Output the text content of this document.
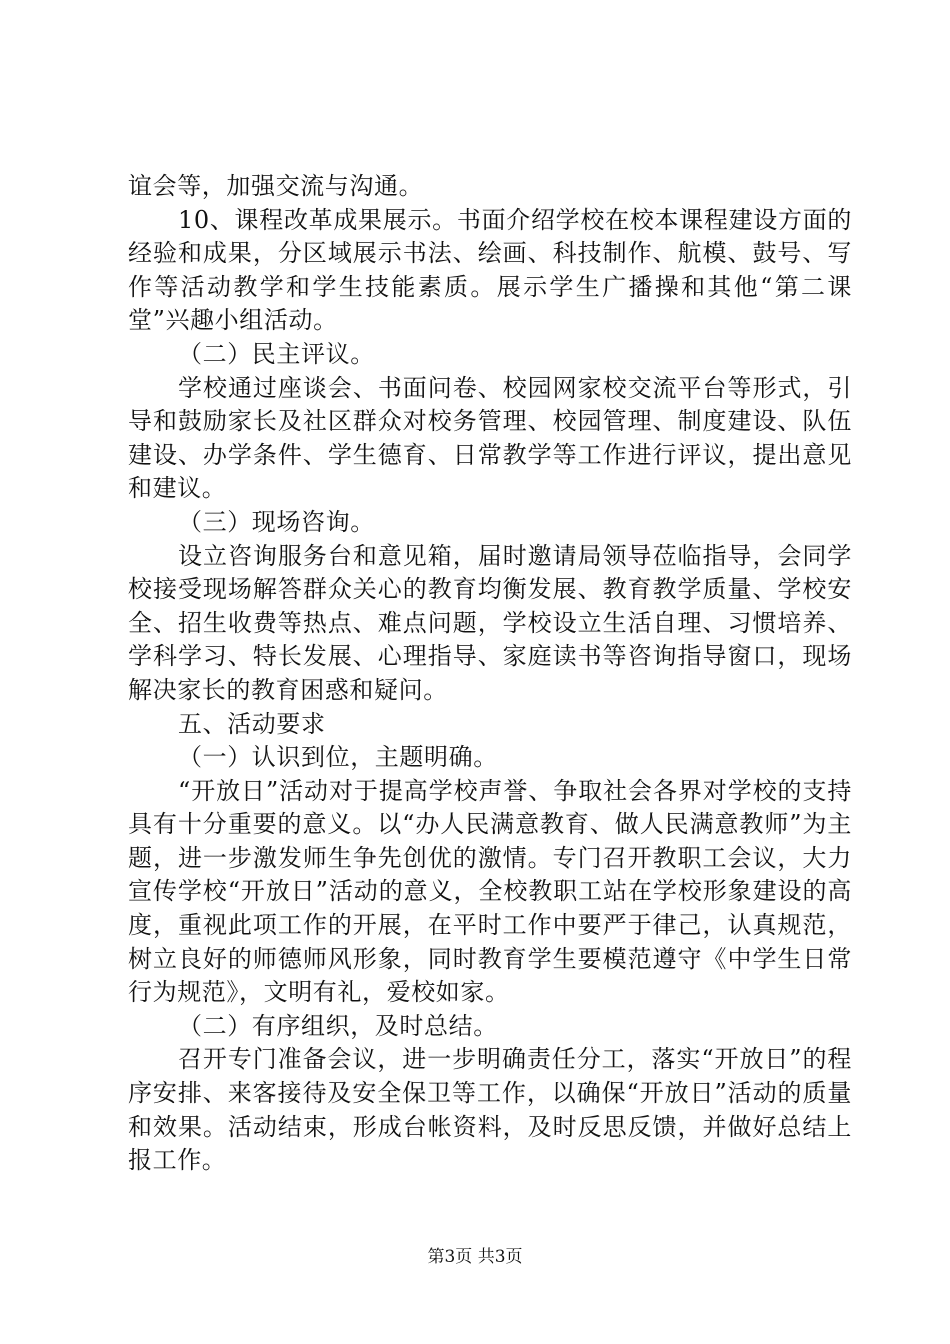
谊会等，加强交流与沟通。

10、课程改革成果展示。书面介绍学校在校本课程建设方面的经验和成果，分区域展示书法、绘画、科技制作、航模、鼓号、写作等活动教学和学生技能素质。展示学生广播操和其他“第二课堂”兴趣小组活动。

（二）民主评议。

学校通过座谈会、书面问卷、校园网家校交流平台等形式，引导和鼓励家长及社区群众对校务管理、校园管理、制度建设、队伍建设、办学条件、学生德育、日常教学等工作进行评议，提出意见和建议。

（三）现场咨询。

设立咨询服务台和意见箱，届时邀请局领导莅临指导，会同学校接受现场解答群众关心的教育均衡发展、教育教学质量、学校安全、招生收费等热点、难点问题，学校设立生活自理、习惯培养、学科学习、特长发展、心理指导、家庭读书等咨询指导窗口，现场解决家长的教育困惑和疑问。

五、活动要求

（一）认识到位，主题明确。

“开放日”活动对于提高学校声誉、争取社会各界对学校的支持具有十分重要的意义。以“办人民满意教育、做人民满意教师”为主题，进一步激发师生争先创优的激情。专门召开教职工会议，大力宣传学校“开放日”活动的意义，全校教职工站在学校形象建设的高度，重视此项工作的开展，在平时工作中要严于律己，认真规范，树立良好的师德师风形象，同时教育学生要模范遵守《中学生日常行为规范》，文明有礼，爱校如家。

（二）有序组织，及时总结。

召开专门准备会议，进一步明确责任分工，落实“开放日”的程序安排、来客接待及安全保卫等工作，以确保“开放日”活动的质量和效果。活动结束，形成台帐资料，及时反思反馈，并做好总结上报工作。

第3页 共3页
